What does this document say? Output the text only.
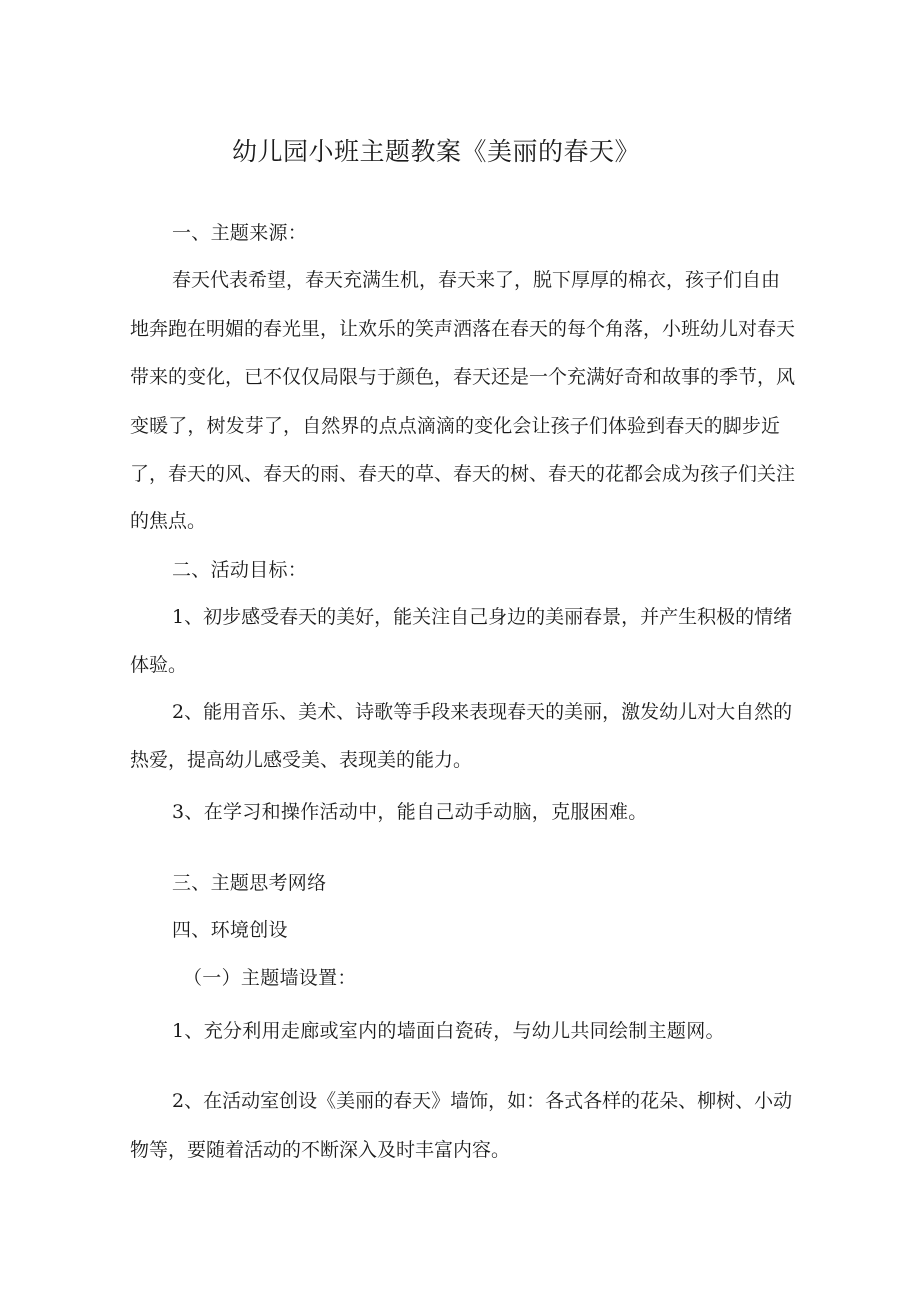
幼儿园小班主题教案《美丽的春天》
一、主题来源：
春天代表希望，春天充满生机，春天来了，脱下厚厚的棉衣，孩子们自由
地奔跑在明媚的春光里，让欢乐的笑声洒落在春天的每个角落，小班幼儿对春天
带来的变化，已不仅仅局限与于颜色，春天还是一个充满好奇和故事的季节，风
变暖了，树发芽了，自然界的点点滴滴的变化会让孩子们体验到春天的脚步近
了，春天的风、春天的雨、春天的草、春天的树、春天的花都会成为孩子们关注
的焦点。
二、活动目标：
1、初步感受春天的美好，能关注自己身边的美丽春景，并产生积极的情绪
体验。
2、能用音乐、美术、诗歌等手段来表现春天的美丽，激发幼儿对大自然的
热爱，提高幼儿感受美、表现美的能力。
3、在学习和操作活动中，能自己动手动脑，克服困难。
三、主题思考网络
四、环境创设
（一）主题墙设置：
1、充分利用走廊或室内的墙面白瓷砖，与幼儿共同绘制主题网。
2、在活动室创设《美丽的春天》墙饰，如：各式各样的花朵、柳树、小动
物等，要随着活动的不断深入及时丰富内容。
